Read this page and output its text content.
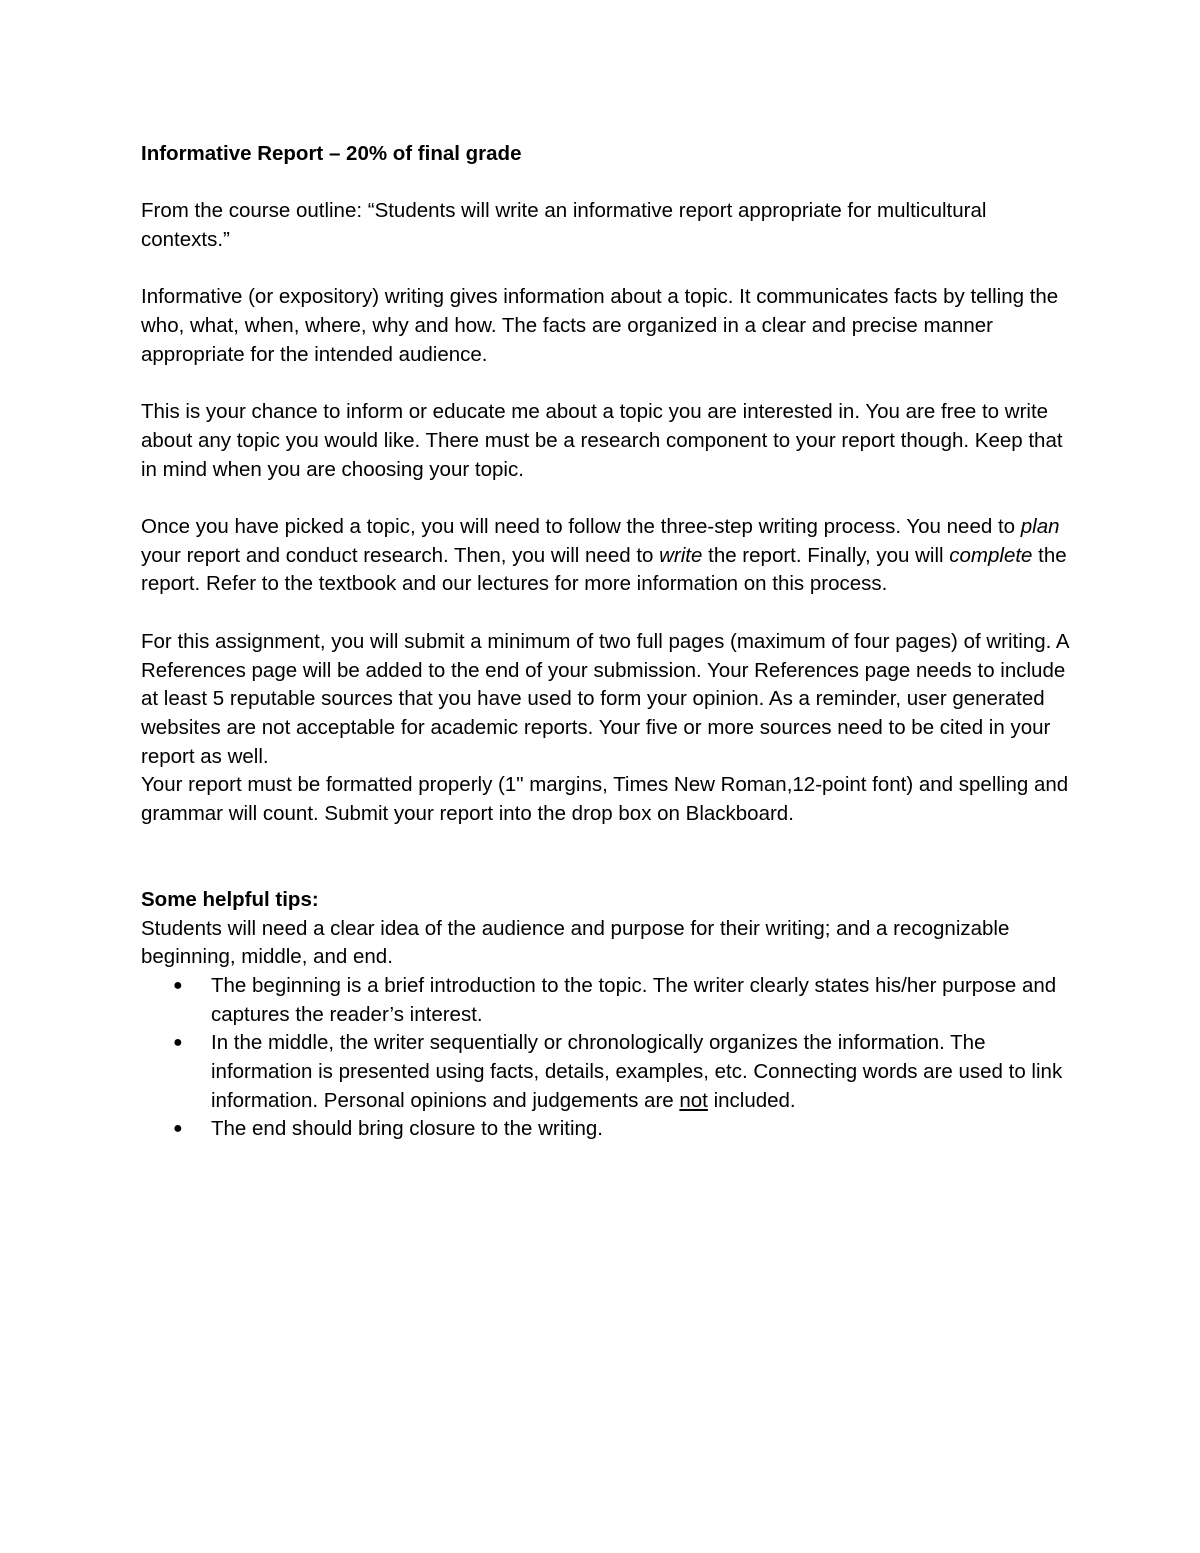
Informative Report – 20% of final grade

From the course outline: “Students will write an informative report appropriate for multicultural contexts.”

Informative (or expository) writing gives information about a topic. It communicates facts by telling the who, what, when, where, why and how. The facts are organized in a clear and precise manner appropriate for the intended audience.

This is your chance to inform or educate me about a topic you are interested in. You are free to write about any topic you would like. There must be a research component to your report though. Keep that in mind when you are choosing your topic.

Once you have picked a topic, you will need to follow the three-step writing process. You need to plan your report and conduct research. Then, you will need to write the report. Finally, you will complete the report. Refer to the textbook and our lectures for more information on this process.

For this assignment, you will submit a minimum of two full pages (maximum of four pages) of writing. A References page will be added to the end of your submission. Your References page needs to include at least 5 reputable sources that you have used to form your opinion. As a reminder, user generated websites are not acceptable for academic reports. Your five or more sources need to be cited in your report as well.

Your report must be formatted properly (1" margins, Times New Roman,12-point font) and spelling and grammar will count. Submit your report into the drop box on Blackboard.

Some helpful tips:

Students will need a clear idea of the audience and purpose for their writing; and a recognizable beginning, middle, and end.

● The beginning is a brief introduction to the topic. The writer clearly states his/her purpose and captures the reader’s interest.
● In the middle, the writer sequentially or chronologically organizes the information. The information is presented using facts, details, examples, etc. Connecting words are used to link information. Personal opinions and judgements are not included.
● The end should bring closure to the writing.
